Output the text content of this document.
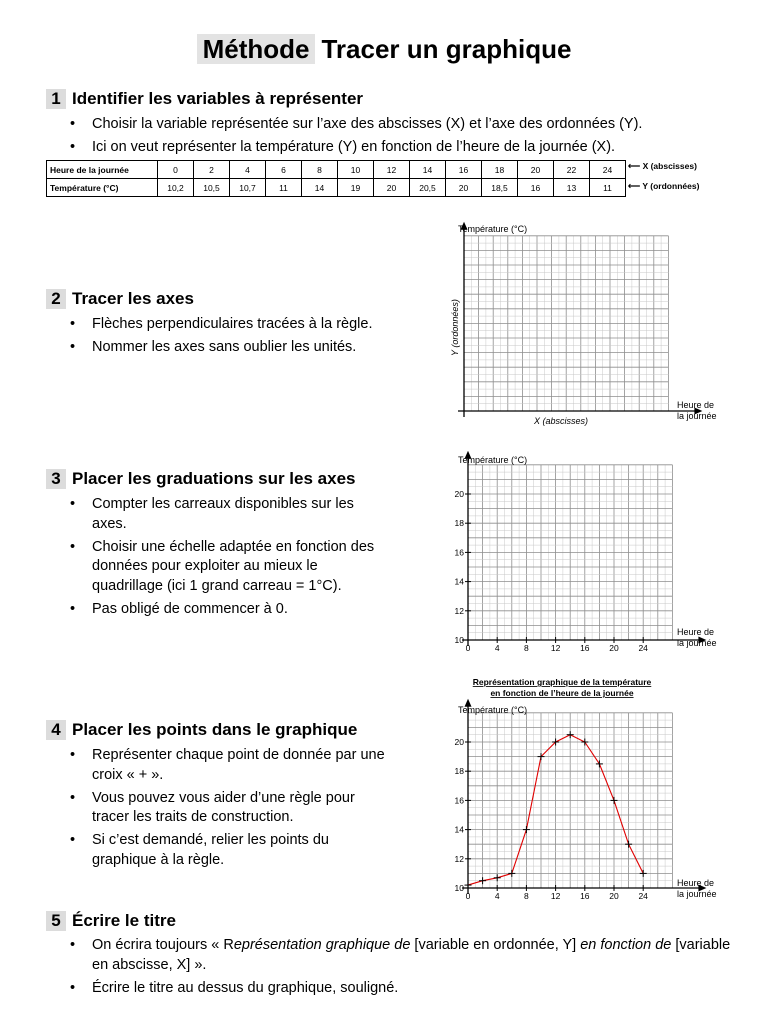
Méthode Tracer un graphique
1 Identifier les variables à représenter
• Choisir la variable représentée sur l’axe des abscisses (X) et l’axe des ordonnées (Y).
• Ici on veut représenter la température (Y) en fonction de l’heure de la journée (X).
Heure de la journée	0	2	4	6	8	10	12	14	16	18	20	22	24
Température (°C)	10,2	10,5	10,7	11	14	19	20	20,5	20	18,5	16	13	11
⟵ X (abscisses)
⟵ Y (ordonnées)
2 Tracer les axes
• Flèches perpendiculaires tracées à la règle.
• Nommer les axes sans oublier les unités.
3 Placer les graduations sur les axes
• Compter les carreaux disponibles sur les axes.
• Choisir une échelle adaptée en fonction des données pour exploiter au mieux le quadrillage (ici 1 grand carreau = 1°C).
• Pas obligé de commencer à 0.
4 Placer les points dans le graphique
• Représenter chaque point de donnée par une croix « + ».
• Vous pouvez vous aider d’une règle pour tracer les traits de construction.
• Si c’est demandé, relier les points du graphique à la règle.
5 Écrire le titre
• On écrira toujours « Représentation graphique de [variable en ordonnée, Y] en fonction de [variable en abscisse, X] ».
• Écrire le titre au dessus du graphique, souligné.
Température (°C)
Heure de
la journée
Y (ordonnées)
X (abscisses)
0	4	8	12 16 20 24
10
12
14
16
18
20
Température (°C)
Heure de
la journée
Représentation graphique de la température
en fonction de l’heure de la journée
0	4	8	12 16 20 24
10
12
14
16
18
20
Température (°C)
Heure de
la journée
